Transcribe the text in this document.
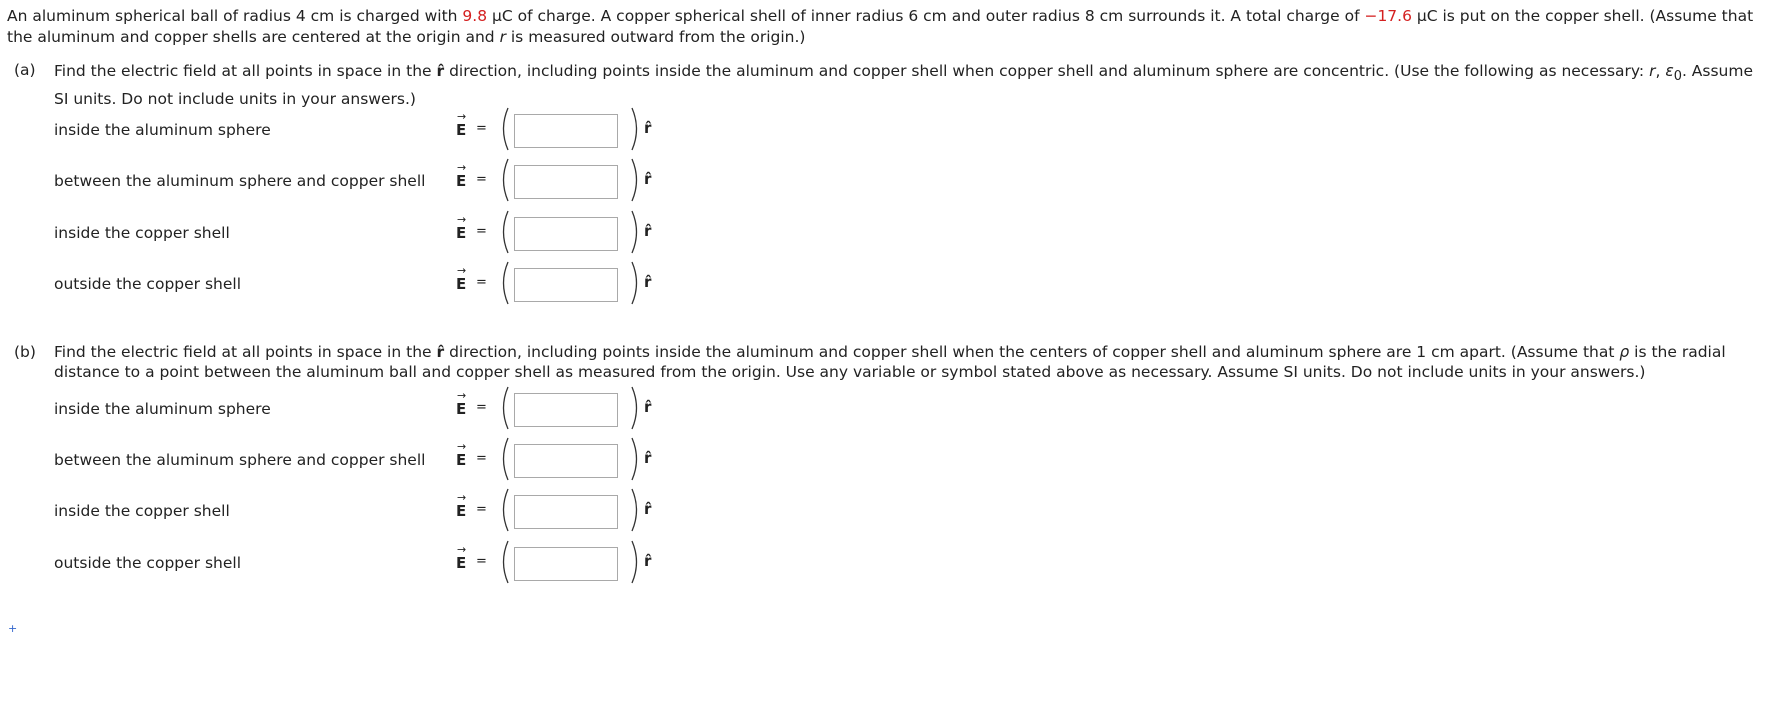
An aluminum spherical ball of radius 4 cm is charged with 9.8 μC of charge. A copper spherical shell of inner radius 6 cm and outer radius 8 cm surrounds it. A total charge of −17.6 μC is put on the copper shell. (Assume that the aluminum and copper shells are centered at the origin and r is measured outward from the origin.)
(a) Find the electric field at all points in space in the r̂ direction, including points inside the aluminum and copper shell when copper shell and aluminum sphere are concentric. (Use the following as necessary: r, $\varepsilon_0$. Assume SI units. Do not include units in your answers.)
inside the aluminum sphere
→
E =	r̂
between the aluminum sphere and copper shell
→
E =	r̂
inside the copper shell
→
E =	r̂
outside the copper shell
→
E =	r̂
(b) Find the electric field at all points in space in the r̂ direction, including points inside the aluminum and copper shell when the centers of copper shell and aluminum sphere are 1 cm apart. (Assume that ρ is the radial distance to a point between the aluminum ball and copper shell as measured from the origin. Use any variable or symbol stated above as necessary. Assume SI units. Do not include units in your answers.)
inside the aluminum sphere
→
E =	r̂
between the aluminum sphere and copper shell
→
E =	r̂
inside the copper shell
→
E =	r̂
outside the copper shell
→
E =	r̂
+
